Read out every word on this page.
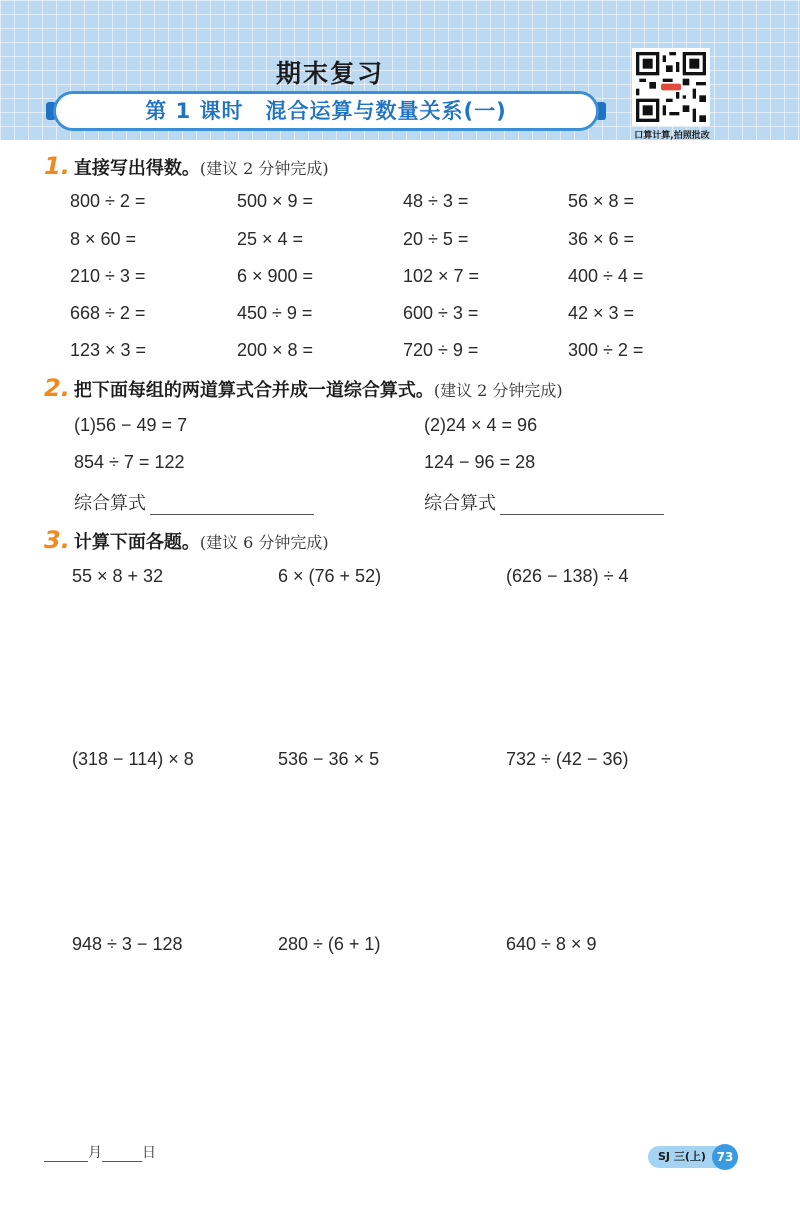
期末复习
第 1 课时　混合运算与数量关系(一)
口算计算,拍照批改
1. 直接写出得数。(建议 2 分钟完成)
800 ÷ 2 =	500 × 9 =	48 ÷ 3 =	56 × 8 =
8 × 60 =	25 × 4 =	20 ÷ 5 =	36 × 6 =
210 ÷ 3 =	6 × 900 =	102 × 7 =	400 ÷ 4 =
668 ÷ 2 =	450 ÷ 9 =	600 ÷ 3 =	42 × 3 =
123 × 3 =	200 × 8 =	720 ÷ 9 =	300 ÷ 2 =
2. 把下面每组的两道算式合并成一道综合算式。(建议 2 分钟完成)
(1)56 − 49 = 7
854 ÷ 7 = 122
综合算式
(2)24 × 4 = 96
124 − 96 = 28
综合算式
3. 计算下面各题。(建议 6 分钟完成)
55 × 8 + 32	6 × (76 + 52)	(626 − 138) ÷ 4
(318 − 114) × 8	536 − 36 × 5	732 ÷ (42 − 36)
948 ÷ 3 − 128	280 ÷ (6 + 1)	640 ÷ 8 × 9
月	日	SJ 三(上) 73
